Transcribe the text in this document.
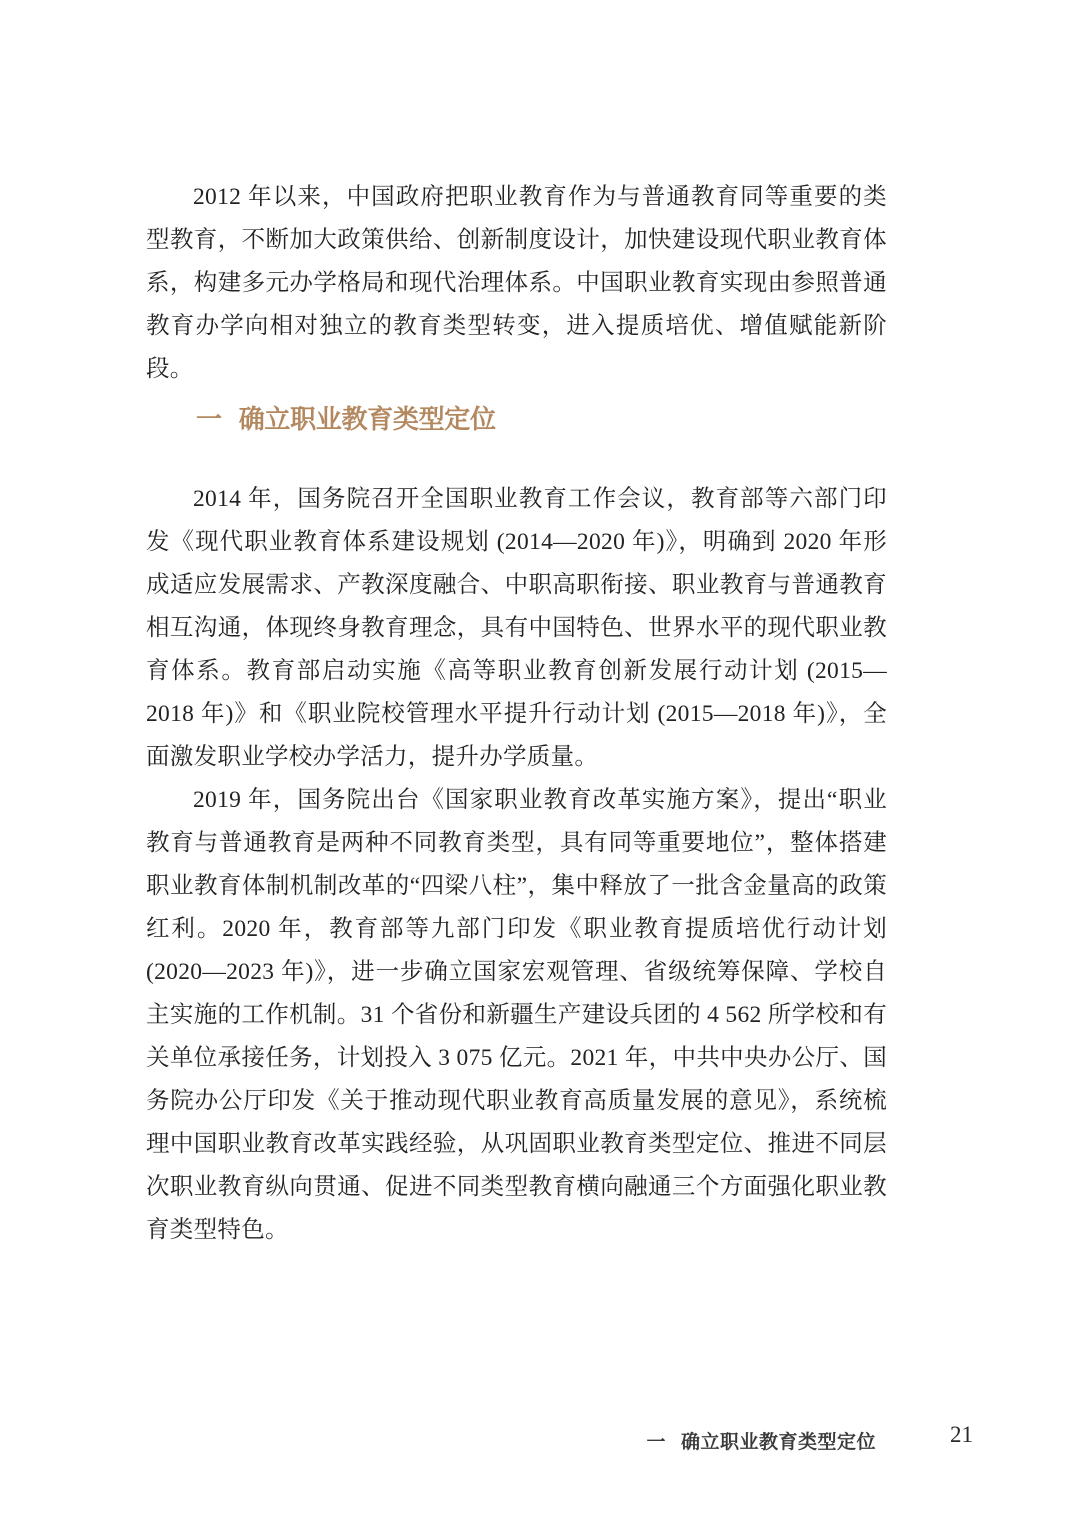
2012 年以来，中国政府把职业教育作为与普通教育同等重要的类型教育，不断加大政策供给、创新制度设计，加快建设现代职业教育体系，构建多元办学格局和现代治理体系。中国职业教育实现由参照普通教育办学向相对独立的教育类型转变，进入提质培优、增值赋能新阶段。

一 确立职业教育类型定位

2014 年，国务院召开全国职业教育工作会议，教育部等六部门印发《现代职业教育体系建设规划 (2014—2020 年)》，明确到 2020 年形成适应发展需求、产教深度融合、中职高职衔接、职业教育与普通教育相互沟通，体现终身教育理念，具有中国特色、世界水平的现代职业教育体系。教育部启动实施《高等职业教育创新发展行动计划 (2015—2018 年)》和《职业院校管理水平提升行动计划 (2015—2018 年)》，全面激发职业学校办学活力，提升办学质量。

2019 年，国务院出台《国家职业教育改革实施方案》，提出“职业教育与普通教育是两种不同教育类型，具有同等重要地位”，整体搭建职业教育体制机制改革的“四梁八柱”，集中释放了一批含金量高的政策红利。2020 年，教育部等九部门印发《职业教育提质培优行动计划 (2020—2023 年)》，进一步确立国家宏观管理、省级统筹保障、学校自主实施的工作机制。31 个省份和新疆生产建设兵团的 4 562 所学校和有关单位承接任务，计划投入 3 075 亿元。2021 年，中共中央办公厅、国务院办公厅印发《关于推动现代职业教育高质量发展的意见》，系统梳理中国职业教育改革实践经验，从巩固职业教育类型定位、推进不同层次职业教育纵向贯通、促进不同类型教育横向融通三个方面强化职业教育类型特色。

一 确立职业教育类型定位	21
